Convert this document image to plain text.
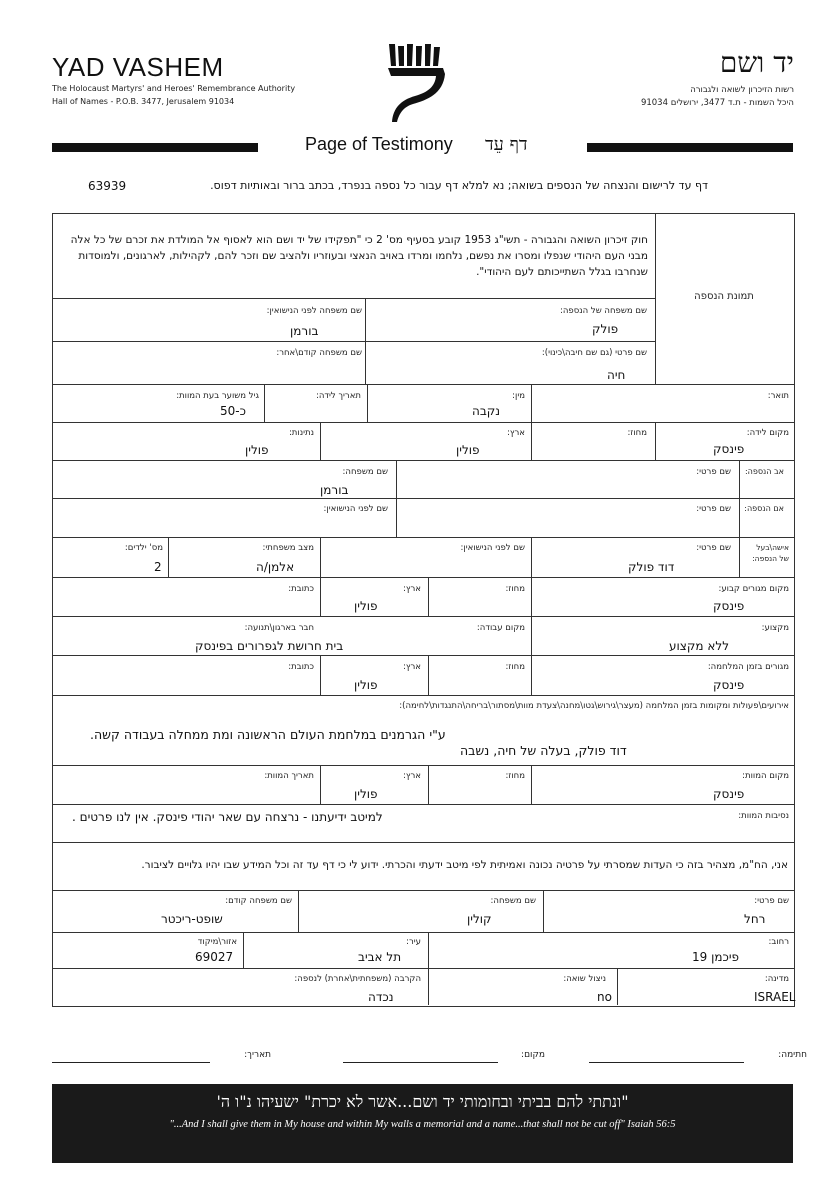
YAD VASHEM
The Holocaust Martyrs' and Heroes' Remembrance Authority
Hall of Names - P.O.B. 3477, Jerusalem 91034
יד ושם
רשות הזיכרון לשואה ולגבורה
היכל השמות - ת.ד 3477, ירושלים 91034
Page of Testimony דף עֵד
63939	דף עד לרישום והנצחה של הנספים בשואה; נא למלא דף עבור כל נספה בנפרד, בכתב ברור ובאותיות דפוס.
חוק זיכרון השואה והגבורה - תשי"ג 1953 קובע בסעיף מס' 2 כי "תפקידו של יד ושם הוא לאסוף אל המולדת את זכרם של כל אלה מבני העם היהודי שנפלו ומסרו את נפשם, נלחמו ומרדו באויב הנאצי ובעוזריו ולהציב שם וזכר להם, לקהילות, לארגונים, ולמוסדות שנחרבו בגלל השתייכותם לעם היהודי".
תמונת הנספה
שם משפחה של הנספה:
פולק
שם משפחה לפני הנישואין:
בורמן
שם פרטי (גם שם חיבה\כינוי):
חיה
שם משפחה קודם\אחר:
תואר:
מין:
נקבה
תאריך לידה:
גיל משוער בעת המוות:
כ-50
מקום לידה:
פינסק
מחוז:
ארץ:
פולין
נתינות:
פולין
אב הנספה:
שם פרטי:
שם משפחה:
בורמן
אם הנספה:
שם פרטי:
שם לפני הנישואין:
אישה\בעל
של הנספה:
שם פרטי:
דוד פולק
שם לפני הנישואין:
מצב משפחתי:
אלמן/ה
מס' ילדים:
2
מקום מגורים קבוע:
פינסק
מחוז:
ארץ:
פולין
כתובת:
מקצוע:
ללא מקצוע
מקום עבודה:
חבר בארגון\תנועה:
בית חרושת לגפרורים בפינסק
מגורים בזמן המלחמה:
פינסק
מחוז:
ארץ:
פולין
כתובת:
אירועים\פעולות ומקומות בזמן המלחמה (מעצר\גירוש\גטו\מחנה\צעדת מוות\מסתור\בריחה\התנגדות\לחימה):
ע"י הגרמנים במלחמת העולם הראשונה ומת ממחלה בעבודה קשה.
דוד פולק, בעלה של חיה, נשבה
מקום המוות:
פינסק
מחוז:
ארץ:
פולין
תאריך המוות:
נסיבות המוות:
למיטב ידיעתנו - נרצחה עם שאר יהודי פינסק. אין לנו פרטים .
אני, הח"מ, מצהיר בזה כי העדות שמסרתי על פרטיה נכונה ואמיתית לפי מיטב ידעתי והכרתי. ידוע לי כי דף עד זה וכל המידע שבו יהיו גלויים לציבור.
שם פרטי:
רחל
שם משפחה:
קולין
שם משפחה קודם:
שופט-ריכטר
רחוב:
פיכמן 19
עיר:
תל אביב
אזור\מיקוד
69027
מדינה:
ISRAEL
ניצול שואה:
no
הקרבה (משפחתית\אחרת) לנספה:
נכדה
חתימה:
מקום:
תאריך:
"ונתתי להם בביתי ובחומותי יד ושם...אשר לא יכרת" ישעיהו נ"ו ה'
"...And I shall give them in My house and within My walls a memorial and a name...that shall not be cut off" Isaiah 56:5
